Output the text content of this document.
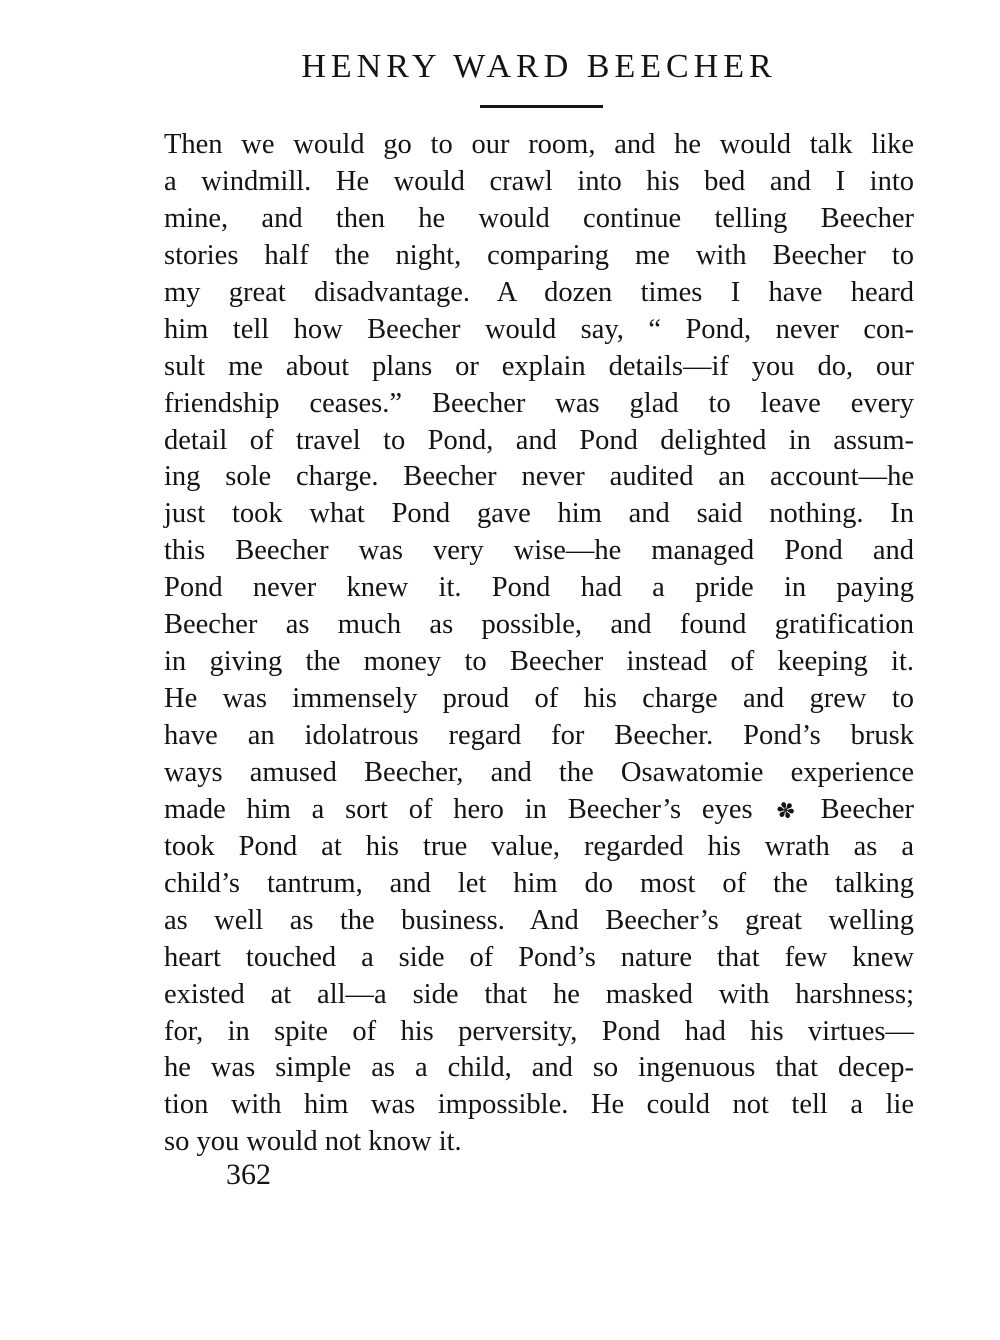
HENRY WARD BEECHER
Then we would go to our room, and he would talk like
a windmill. He would crawl into his bed and I into
mine, and then he would continue telling Beecher
stories half the night, comparing me with Beecher to
my great disadvantage. A dozen times I have heard
him tell how Beecher would say, “ Pond, never con-
sult me about plans or explain details—if you do, our
friendship ceases.” Beecher was glad to leave every
detail of travel to Pond, and Pond delighted in assum-
ing sole charge. Beecher never audited an account—he
just took what Pond gave him and said nothing. In
this Beecher was very wise—he managed Pond and
Pond never knew it. Pond had a pride in paying
Beecher as much as possible, and found gratification
in giving the money to Beecher instead of keeping it.
He was immensely proud of his charge and grew to
have an idolatrous regard for Beecher. Pond’s brusk
ways amused Beecher, and the Osawatomie experience
made him a sort of hero in Beecher’s eyes ✽ Beecher
took Pond at his true value, regarded his wrath as a
child’s tantrum, and let him do most of the talking
as well as the business. And Beecher’s great welling
heart touched a side of Pond’s nature that few knew
existed at all—a side that he masked with harshness;
for, in spite of his perversity, Pond had his virtues—
he was simple as a child, and so ingenuous that decep-
tion with him was impossible. He could not tell a lie
so you would not know it.
362
